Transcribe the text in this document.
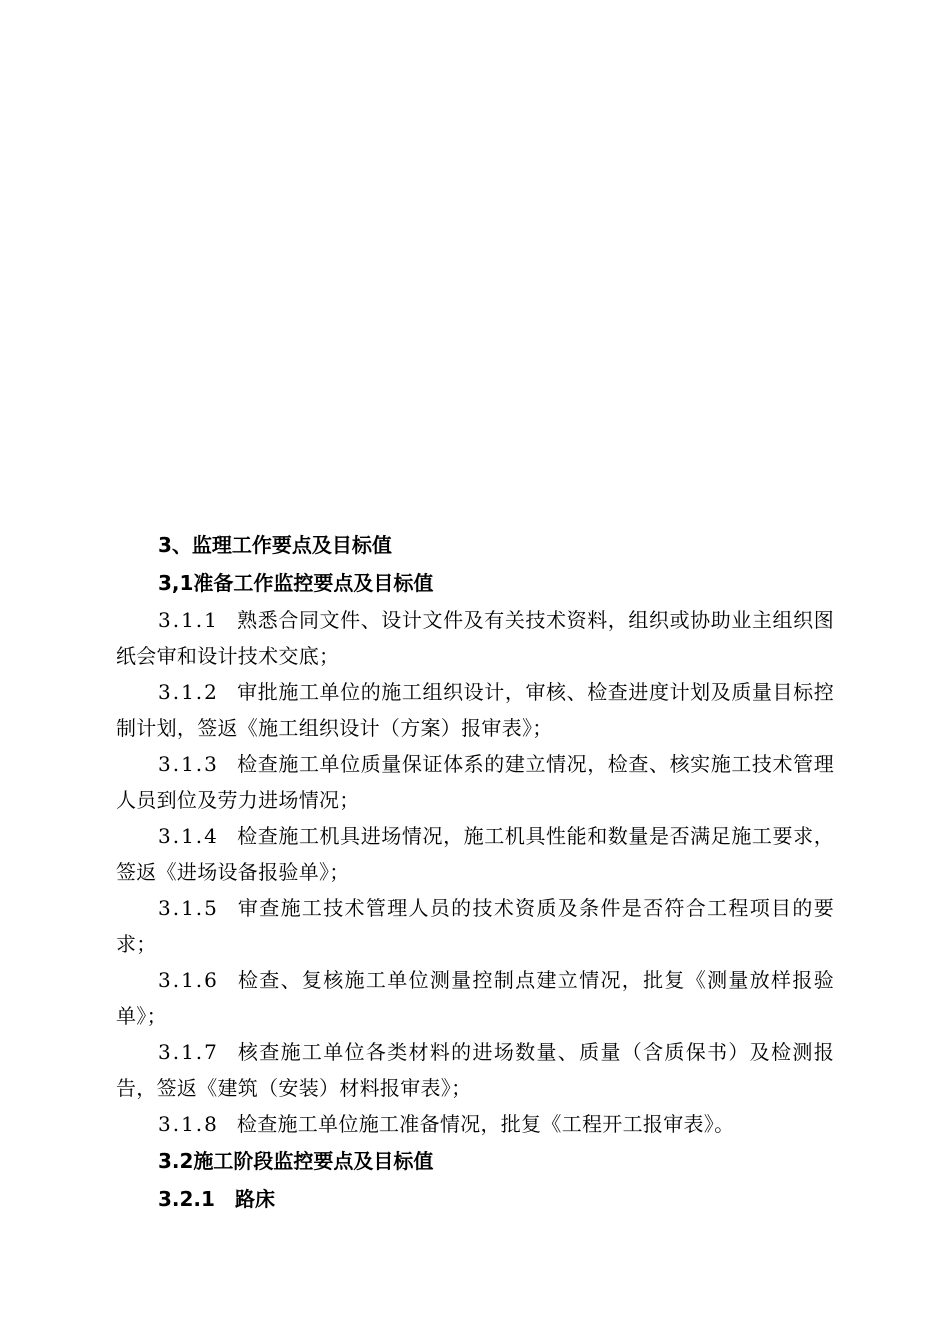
3、监理工作要点及目标值
3,1准备工作监控要点及目标值

3.1.1 熟悉合同文件、设计文件及有关技术资料，组织或协助业主组织图纸会审和设计技术交底；

3.1.2 审批施工单位的施工组织设计，审核、检查进度计划及质量目标控制计划，签返《施工组织设计（方案）报审表》；

3.1.3 检查施工单位质量保证体系的建立情况，检查、核实施工技术管理人员到位及劳力进场情况；

3.1.4 检查施工机具进场情况，施工机具性能和数量是否满足施工要求，签返《进场设备报验单》；

3.1.5 审查施工技术管理人员的技术资质及条件是否符合工程项目的要求；

3.1.6 检查、复核施工单位测量控制点建立情况，批复《测量放样报验单》；

3.1.7 核查施工单位各类材料的进场数量、质量（含质保书）及检测报告，签返《建筑（安装）材料报审表》；

3.1.8 检查施工单位施工准备情况，批复《工程开工报审表》。

3.2施工阶段监控要点及目标值
3.2.1　路床
